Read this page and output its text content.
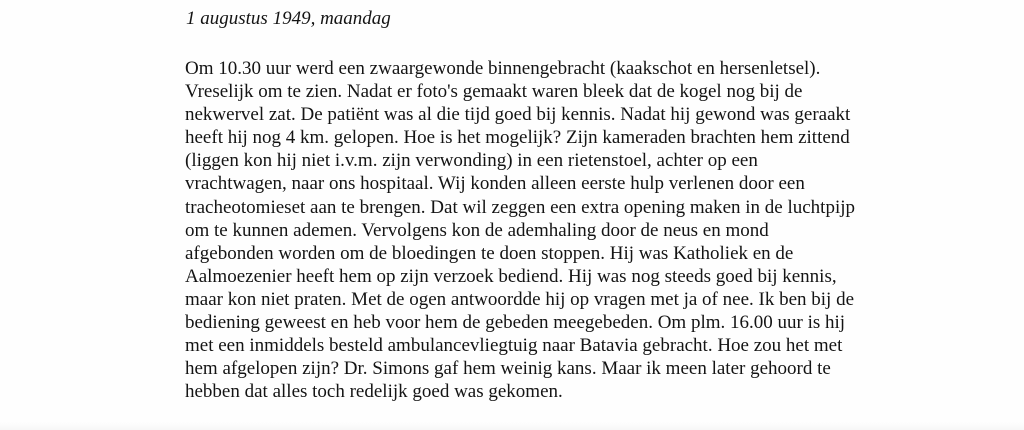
1 augustus 1949, maandag
Om 10.30 uur werd een zwaargewonde binnengebracht (kaakschot en hersenletsel).
Vreselijk om te zien. Nadat er foto's gemaakt waren bleek dat de kogel nog bij de
nekwervel zat. De patiënt was al die tijd goed bij kennis. Nadat hij gewond was geraakt
heeft hij nog 4 km. gelopen. Hoe is het mogelijk? Zijn kameraden brachten hem zittend
(liggen kon hij niet i.v.m. zijn verwonding) in een rietenstoel, achter op een
vrachtwagen, naar ons hospitaal. Wij konden alleen eerste hulp verlenen door een
tracheotomieset aan te brengen. Dat wil zeggen een extra opening maken in de luchtpijp
om te kunnen ademen. Vervolgens kon de ademhaling door de neus en mond
afgebonden worden om de bloedingen te doen stoppen. Hij was Katholiek en de
Aalmoezenier heeft hem op zijn verzoek bediend. Hij was nog steeds goed bij kennis,
maar kon niet praten. Met de ogen antwoordde hij op vragen met ja of nee. Ik ben bij de
bediening geweest en heb voor hem de gebeden meegebeden. Om plm. 16.00 uur is hij
met een inmiddels besteld ambulancevliegtuig naar Batavia gebracht. Hoe zou het met
hem afgelopen zijn? Dr. Simons gaf hem weinig kans. Maar ik meen later gehoord te
hebben dat alles toch redelijk goed was gekomen.
